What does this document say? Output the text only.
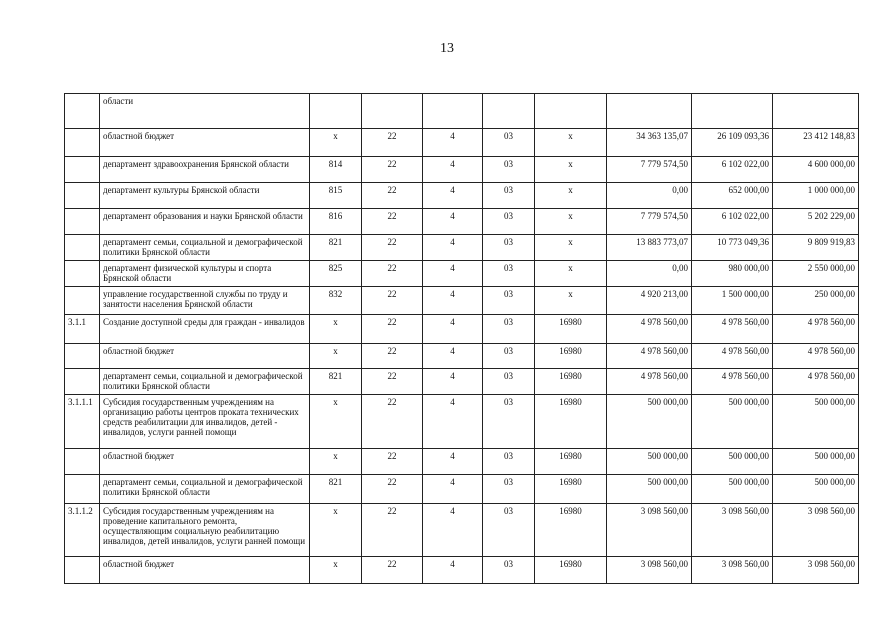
13
	области								
	областной бюджет	х	22	4	03	х	34 363 135,07	26 109 093,36	23 412 148,83
	департамент здравоохранения Брянской области	814	22	4	03	х	7 779 574,50	6 102 022,00	4 600 000,00
	департамент культуры Брянской области	815	22	4	03	х	0,00	652 000,00	1 000 000,00
	департамент образования и науки Брянской области	816	22	4	03	х	7 779 574,50	6 102 022,00	5 202 229,00
	департамент семьи, социальной и демографической политики Брянской области	821	22	4	03	х	13 883 773,07	10 773 049,36	9 809 919,83
	департамент физической культуры и спорта Брянской области	825	22	4	03	х	0,00	980 000,00	2 550 000,00
	управление государственной службы по труду и занятости населения Брянской области	832	22	4	03	х	4 920 213,00	1 500 000,00	250 000,00
3.1.1	Создание доступной среды для граждан - инвалидов	х	22	4	03	16980	4 978 560,00	4 978 560,00	4 978 560,00
	областной бюджет	х	22	4	03	16980	4 978 560,00	4 978 560,00	4 978 560,00
	департамент семьи, социальной и демографической политики Брянской области	821	22	4	03	16980	4 978 560,00	4 978 560,00	4 978 560,00
3.1.1.1	Субсидия государственным учреждениям на организацию работы центров проката технических средств реабилитации для инвалидов, детей - инвалидов, услуги ранней помощи	х	22	4	03	16980	500 000,00	500 000,00	500 000,00
	областной бюджет	х	22	4	03	16980	500 000,00	500 000,00	500 000,00
	департамент семьи, социальной и демографической политики Брянской области	821	22	4	03	16980	500 000,00	500 000,00	500 000,00
3.1.1.2	Субсидия государственным учреждениям на проведение капитального ремонта, осуществляющим социальную реабилитацию инвалидов, детей инвалидов, услуги ранней помощи	х	22	4	03	16980	3 098 560,00	3 098 560,00	3 098 560,00
	областной бюджет	х	22	4	03	16980	3 098 560,00	3 098 560,00	3 098 560,00
